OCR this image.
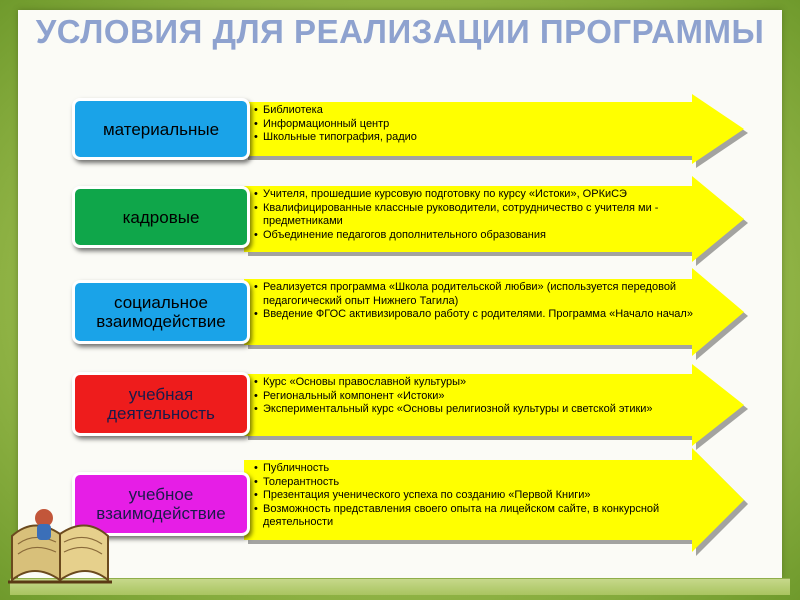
УСЛОВИЯ ДЛЯ РЕАЛИЗАЦИИ ПРОГРАММЫ
материальные
• Библиотека
• Информационный центр
• Школьные типография, радио
кадровые
• Учителя, прошедшие курсовую подготовку по курсу «Истоки», ОРКиСЭ
• Квалифицированные классные руководители, сотрудничество с учителя ми - предметниками
• Объединение педагогов дополнительного образования
социальное взаимодействие
• Реализуется программа «Школа родительской любви» (используется передовой педагогический опыт Нижнего Тагила)
• Введение ФГОС активизировало работу с родителями. Программа «Начало начал»
учебная деятельность
• Курс «Основы православной культуры»
• Региональный компонент «Истоки»
• Экспериментальный курс «Основы религиозной культуры и светской этики»
учебное взаимодействие
• Публичность
• Толерантность
• Презентация ученического успеха по созданию «Первой Книги»
• Возможность представления своего опыта на лицейском сайте, в конкурсной деятельности
